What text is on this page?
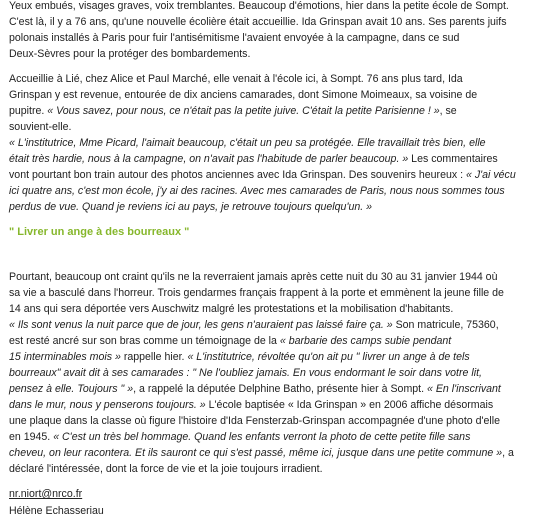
Yeux embués, visages graves, voix tremblantes. Beaucoup d'émotions, hier dans la petite école de Sompt.
C'est là, il y a 76 ans, qu'une nouvelle écolière était accueillie. Ida Grinspan avait 10 ans. Ses parents juifs
polonais installés à Paris pour fuir l'antisémitisme l'avaient envoyée à la campagne, dans ce sud
Deux-Sèvres pour la protéger des bombardements.
Accueillie à Lié, chez Alice et Paul Marché, elle venait à l'école ici, à Sompt. 76 ans plus tard, Ida
Grinspan y est revenue, entourée de dix anciens camarades, dont Simone Moimeaux, sa voisine de
pupitre. « Vous savez, pour nous, ce n'était pas la petite juive. C'était la petite Parisienne ! », se
souvient-elle.
« L'institutrice, Mme Picard, l'aimait beaucoup, c'était un peu sa protégée. Elle travaillait très bien, elle
était très hardie, nous à la campagne, on n'avait pas l'habitude de parler beaucoup. » Les commentaires
vont pourtant bon train autour des photos anciennes avec Ida Grinspan. Des souvenirs heureux : « J'ai vécu
ici quatre ans, c'est mon école, j'y ai des racines. Avec mes camarades de Paris, nous nous sommes tous
perdus de vue. Quand je reviens ici au pays, je retrouve toujours quelqu'un. »
" Livrer un ange à des bourreaux "
Pourtant, beaucoup ont craint qu'ils ne la reverraient jamais après cette nuit du 30 au 31 janvier 1944 où
sa vie a basculé dans l'horreur. Trois gendarmes français frappent à la porte et emmènent la jeune fille de
14 ans qui sera déportée vers Auschwitz malgré les protestations et la mobilisation d'habitants.
« Ils sont venus la nuit parce que de jour, les gens n'auraient pas laissé faire ça. » Son matricule, 75360,
est resté ancré sur son bras comme un témoignage de la « barbarie des camps subie pendant
15 interminables mois » rappelle hier. « L'institutrice, révoltée qu'on ait pu " livrer un ange à de tels
bourreaux" avait dit à ses camarades : " Ne l'oubliez jamais. En vous endormant le soir dans votre lit,
pensez à elle. Toujours " », a rappelé la députée Delphine Batho, présente hier à Sompt. « En l'inscrivant
dans le mur, nous y penserons toujours. » L'école baptisée « Ida Grinspan » en 2006 affiche désormais
une plaque dans la classe où figure l'histoire d'Ida Fensterzab-Grinspan accompagnée d'une photo d'elle
en 1945. « C'est un très bel hommage. Quand les enfants verront la photo de cette petite fille sans
cheveu, on leur racontera. Et ils sauront ce qui s'est passé, même ici, jusque dans une petite commune », a
déclaré l'intéressée, dont la force de vie et la joie toujours irradient.
nr.niort@nrco.fr
Hélène Echasseriau
